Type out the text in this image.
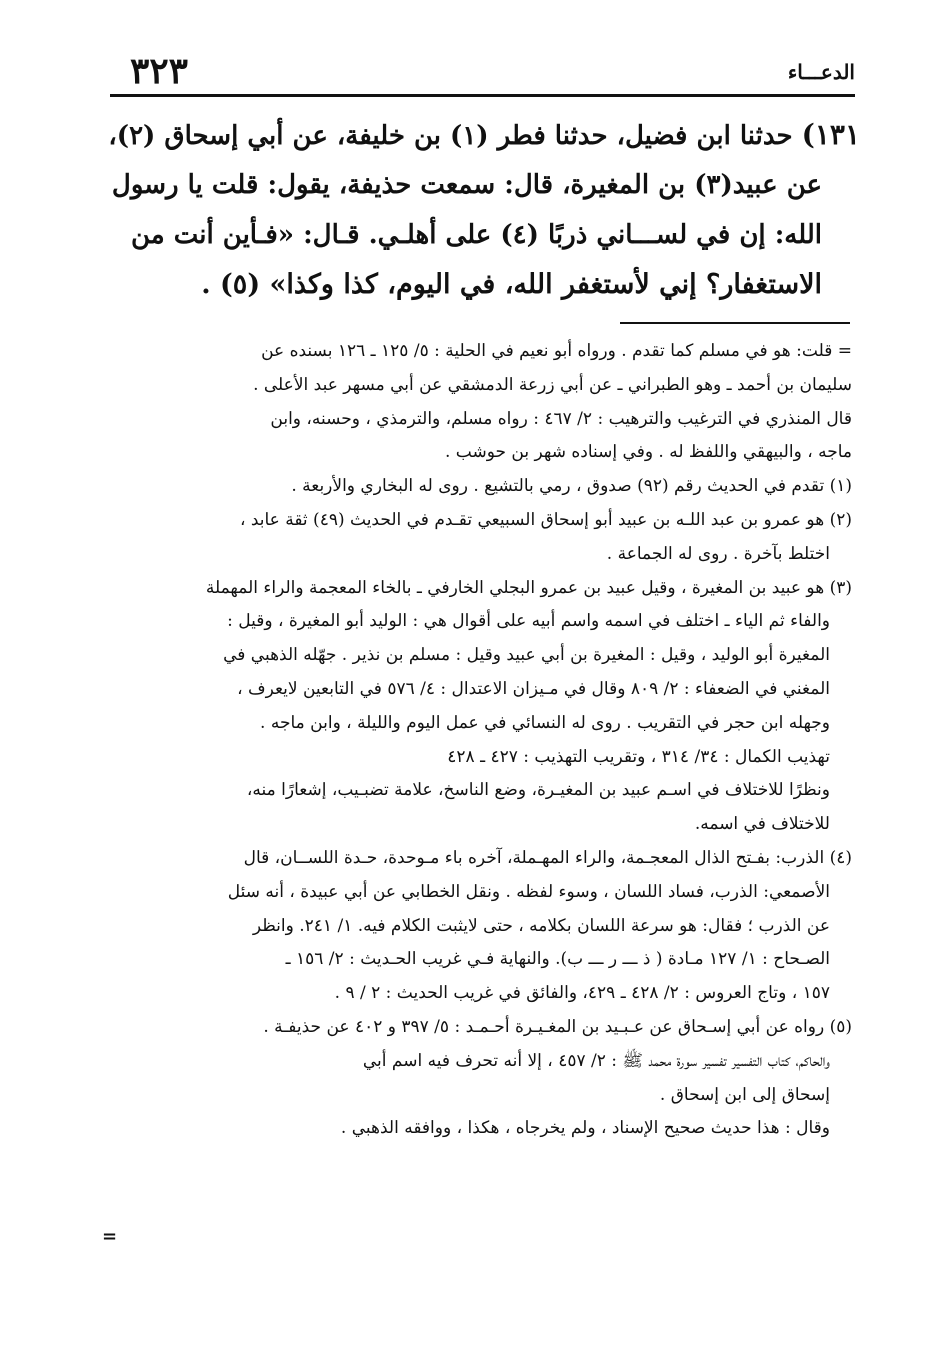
٣٢٣	الدعـــاء
١٣١) حدثنا ابن فضيل، حدثنا فطر (١) بن خليفة، عن أبي إسحاق (٢)،
عن عبيد(٣) بن المغيرة، قال: سمعت حذيفة، يقول: قلت يا رسول
الله: إن في لســـاني ذربًا (٤) على أهلـي. قـال: «فـأين أنت من
الاستغفار؟ إني لأستغفر الله، في اليوم، كذا وكذا» (٥) .
= قلت: هو في مسلم كما تقدم . ورواه أبو نعيم في الحلية : ٥/ ١٢٥ ـ ١٢٦ بسنده عن
سليمان بن أحمد ـ وهو الطبراني ـ عن أبي زرعة الدمشقي عن أبي مسهر عبد الأعلى .
قال المنذري في الترغيب والترهيب : ٢/ ٤٦٧ : رواه مسلم، والترمذي ، وحسنه، وابن
ماجه ، والبيهقي واللفظ له . وفي إسناده شهر بن حوشب .
(١) تقدم في الحديث رقم (٩٢) صدوق ، رمي بالتشيع . روى له البخاري والأربعة .
(٢) هو عمرو بن عبد اللـه بن عبيد أبو إسحاق السبيعي تقـدم في الحديث (٤٩) ثقة عابد ،
اختلط بآخرة . روى له الجماعة .
(٣) هو عبيد بن المغيرة ، وقيل عبيد بن عمرو البجلي الخارفي ـ بالخاء المعجمة والراء المهملة
والفاء ثم الياء ـ اختلف في اسمه واسم أبيه على أقوال هي : الوليد أبو المغيرة ، وقيل :
المغيرة أبو الوليد ، وقيل : المغيرة بن أبي عبيد وقيل : مسلم بن نذير . جهّله الذهبي في
المغني في الضعفاء : ٢/ ٨٠٩ وقال في مـيزان الاعتدال : ٤/ ٥٧٦ في التابعين لايعرف ،
وجهله ابن حجر في التقريب . روى له النسائي في عمل اليوم والليلة ، وابن ماجه .
تهذيب الكمال : ٣٤/ ٣١٤ ، وتقريب التهذيب : ٤٢٧ ـ ٤٢٨
ونظرًا للاختلاف في اسـم عبيد بن المغيـرة، وضع الناسخ، علامة تضبـيب، إشعارًا منه،
للاختلاف في اسمه.
(٤) الذرب: بفـتح الذال المعجـمة، والراء المهـملة، آخره باء مـوحدة، حـدة اللســان، قال
الأصمعي: الذرب، فساد اللسان ، وسوء لفظه . ونقل الخطابي عن أبي عبيدة ، أنه سئل
عن الذرب ؛ فقال: هو سرعة اللسان بكلامه ، حتى لايثبت الكلام فيه. ١/ ٢٤١. وانظر
الصـحاح : ١/ ١٢٧ مـادة ( ذ ـــ ر ـــ ب). والنهاية فـي غريب الحـديث : ٢/ ١٥٦ ـ
١٥٧ ، وتاج العروس : ٢/ ٤٢٨ ـ ٤٢٩، والفائق في غريب الحديث : ٢ / ٩ .
(٥) رواه عن أبي إسـحاق عن عـبـيد بن المغـيـرة أحـمـد : ٥/ ٣٩٧ و ٤٠٢ عن حذيفـة .
والحاكم، كتاب التفسير تفسير سورة محمد ﷺ : ٢/ ٤٥٧ ، إلا أنه تحرف فيه اسم أبي
إسحاق إلى ابن إسحاق .
وقال : هذا حديث صحيح الإسناد ، ولم يخرجاه ، هكذا ، ووافقه الذهبي .
=
